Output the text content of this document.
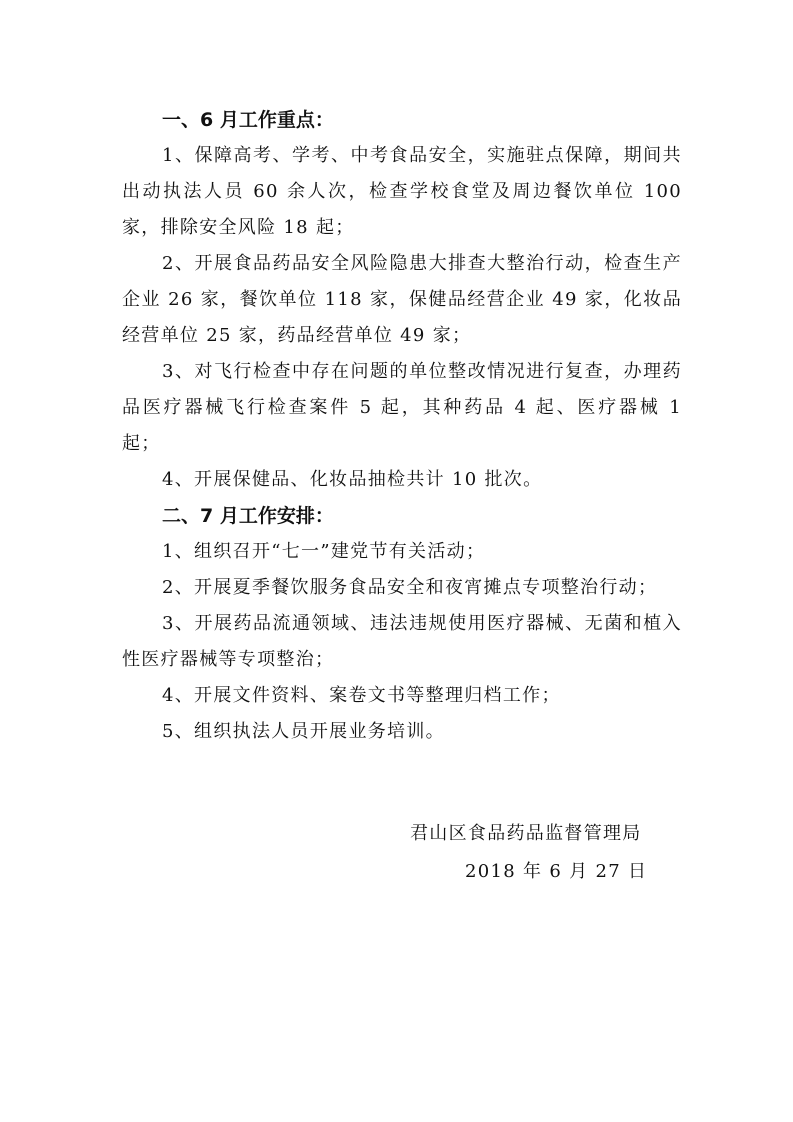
一、6 月工作重点：

1、保障高考、学考、中考食品安全，实施驻点保障，期间共出动执法人员 60 余人次，检查学校食堂及周边餐饮单位 100 家，排除安全风险 18 起；

2、开展食品药品安全风险隐患大排查大整治行动，检查生产企业 26 家，餐饮单位 118 家，保健品经营企业 49 家，化妆品经营单位 25 家，药品经营单位 49 家；

3、对飞行检查中存在问题的单位整改情况进行复查，办理药品医疗器械飞行检查案件 5 起，其种药品 4 起、医疗器械 1 起；

4、开展保健品、化妆品抽检共计 10 批次。

二、7 月工作安排：

1、组织召开“七一”建党节有关活动；

2、开展夏季餐饮服务食品安全和夜宵摊点专项整治行动；

3、开展药品流通领域、违法违规使用医疗器械、无菌和植入性医疗器械等专项整治；

4、开展文件资料、案卷文书等整理归档工作；

5、组织执法人员开展业务培训。

君山区食品药品监督管理局
2018 年 6 月 27 日
